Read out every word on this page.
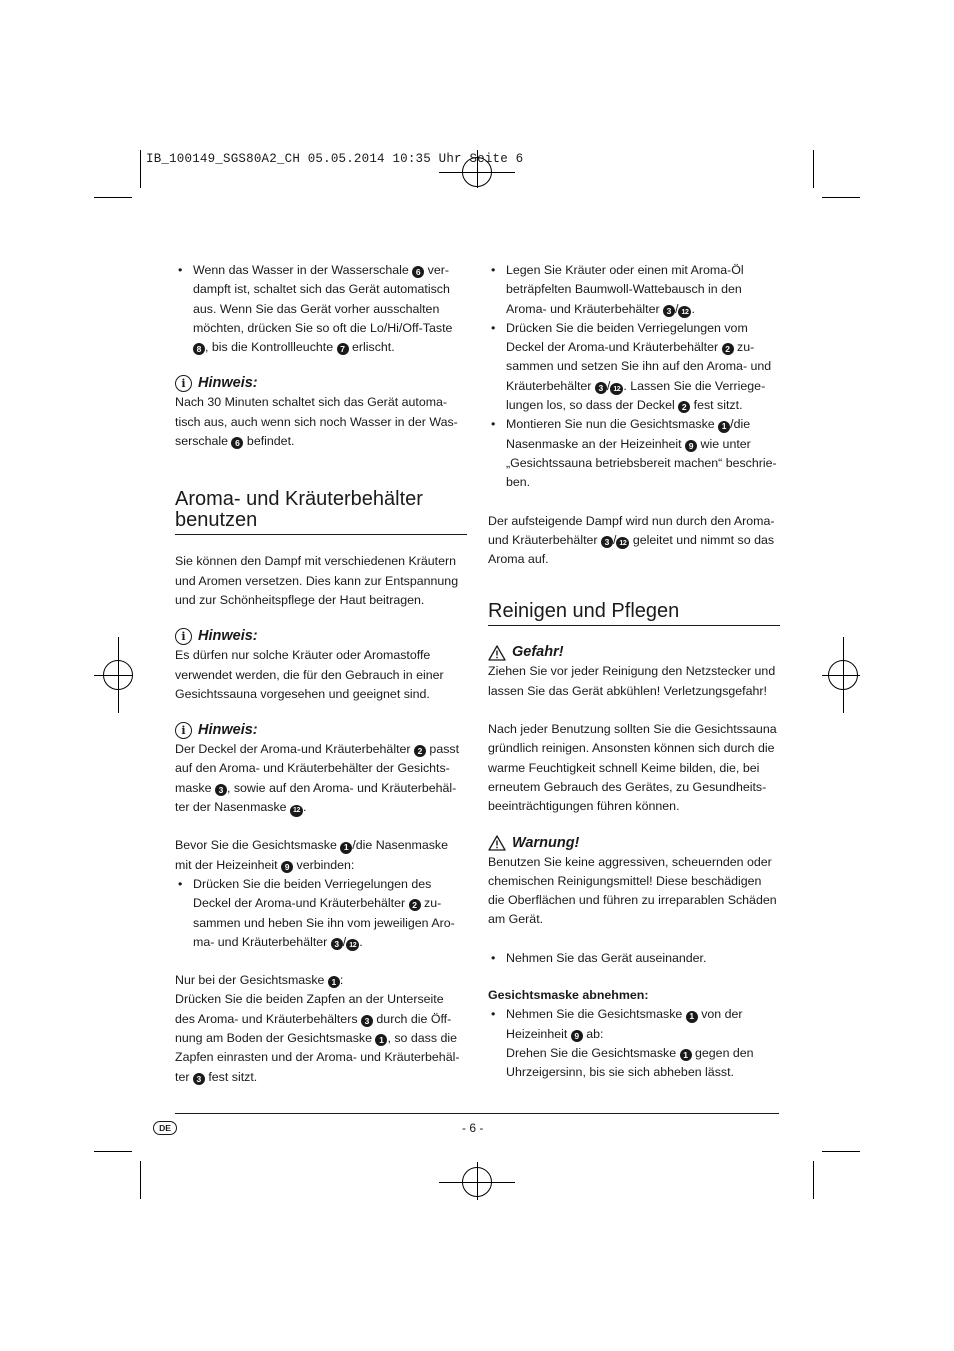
IB_100149_SGS80A2_CH 05.05.2014 10:35 Uhr Seite 6

• Wenn das Wasser in der Wasserschale 6 ver-dampft ist, schaltet sich das Gerät automatisch aus. Wenn Sie das Gerät vorher ausschalten möchten, drücken Sie so oft die Lo/Hi/Off-Taste 8 , bis die Kontrollleuchte 7 erlischt.

i Hinweis:

Nach 30 Minuten schaltet sich das Gerät automa-tisch aus, auch wenn sich noch Wasser in der Was-serschale 6 befindet.

Aroma- und Kräuterbehälter benutzen

Sie können den Dampf mit verschiedenen Kräutern und Aromen versetzen. Dies kann zur Entspannung und zur Schönheitspflege der Haut beitragen.

i Hinweis:

Es dürfen nur solche Kräuter oder Aromastoffe verwendet werden, die für den Gebrauch in einer Gesichtssauna vorgesehen und geeignet sind.

i Hinweis:

Der Deckel der Aroma-und Kräuterbehälter 2 passt auf den Aroma- und Kräuterbehälter der Gesichts-maske 3 , sowie auf den Aroma- und Kräuterbehäl-ter der Nasenmaske 12 .

Bevor Sie die Gesichtsmaske 1 /die Nasenmaske mit der Heizeinheit 9 verbinden:

• Drücken Sie die beiden Verriegelungen des Deckel der Aroma-und Kräuterbehälter 2 zu-sammen und heben Sie ihn vom jeweiligen Aro-ma- und Kräuterbehälter 3 / 12 .

Nur bei der Gesichtsmaske 1 :

Drücken Sie die beiden Zapfen an der Unterseite des Aroma- und Kräuterbehälters 3 durch die Öff-nung am Boden der Gesichtsmaske 1 , so dass die Zapfen einrasten und der Aroma- und Kräuterbehäl-ter 3 fest sitzt.

• Legen Sie Kräuter oder einen mit Aroma-Öl beträpfelten Baumwoll-Wattebausch in den Aroma- und Kräuterbehälter 3 / 12 .

• Drücken Sie die beiden Verriegelungen vom Deckel der Aroma-und Kräuterbehälter 2 zu-sammen und setzen Sie ihn auf den Aroma- und Kräuterbehälter 3 / 12 . Lassen Sie die Verriege-lungen los, so dass der Deckel 2 fest sitzt.

• Montieren Sie nun die Gesichtsmaske 1 /die Nasenmaske an der Heizeinheit 9 wie unter „Gesichtssauna betriebsbereit machen“ beschrie-ben.

Der aufsteigende Dampf wird nun durch den Aroma- und Kräuterbehälter 3 / 12 geleitet und nimmt so das Aroma auf.

Reinigen und Pflegen
Gefahr!

Ziehen Sie vor jeder Reinigung den Netzstecker und lassen Sie das Gerät abkühlen! Verletzungsgefahr!

Nach jeder Benutzung sollten Sie die Gesichtssauna gründlich reinigen. Ansonsten können sich durch die warme Feuchtigkeit schnell Keime bilden, die, bei erneutem Gebrauch des Gerätes, zu Gesundheits-beeinträchtigungen führen können.

Warnung!

Benutzen Sie keine aggressiven, scheuernden oder chemischen Reinigungsmittel! Diese beschädigen die Oberflächen und führen zu irreparablen Schäden am Gerät.

• Nehmen Sie das Gerät auseinander.

Gesichtsmaske abnehmen:

• Nehmen Sie die Gesichtsmaske 1 von der Heizeinheit 9 ab:

Drehen Sie die Gesichtsmaske 1 gegen den Uhrzeigersinn, bis sie sich abheben lässt.

DE	- 6 -
